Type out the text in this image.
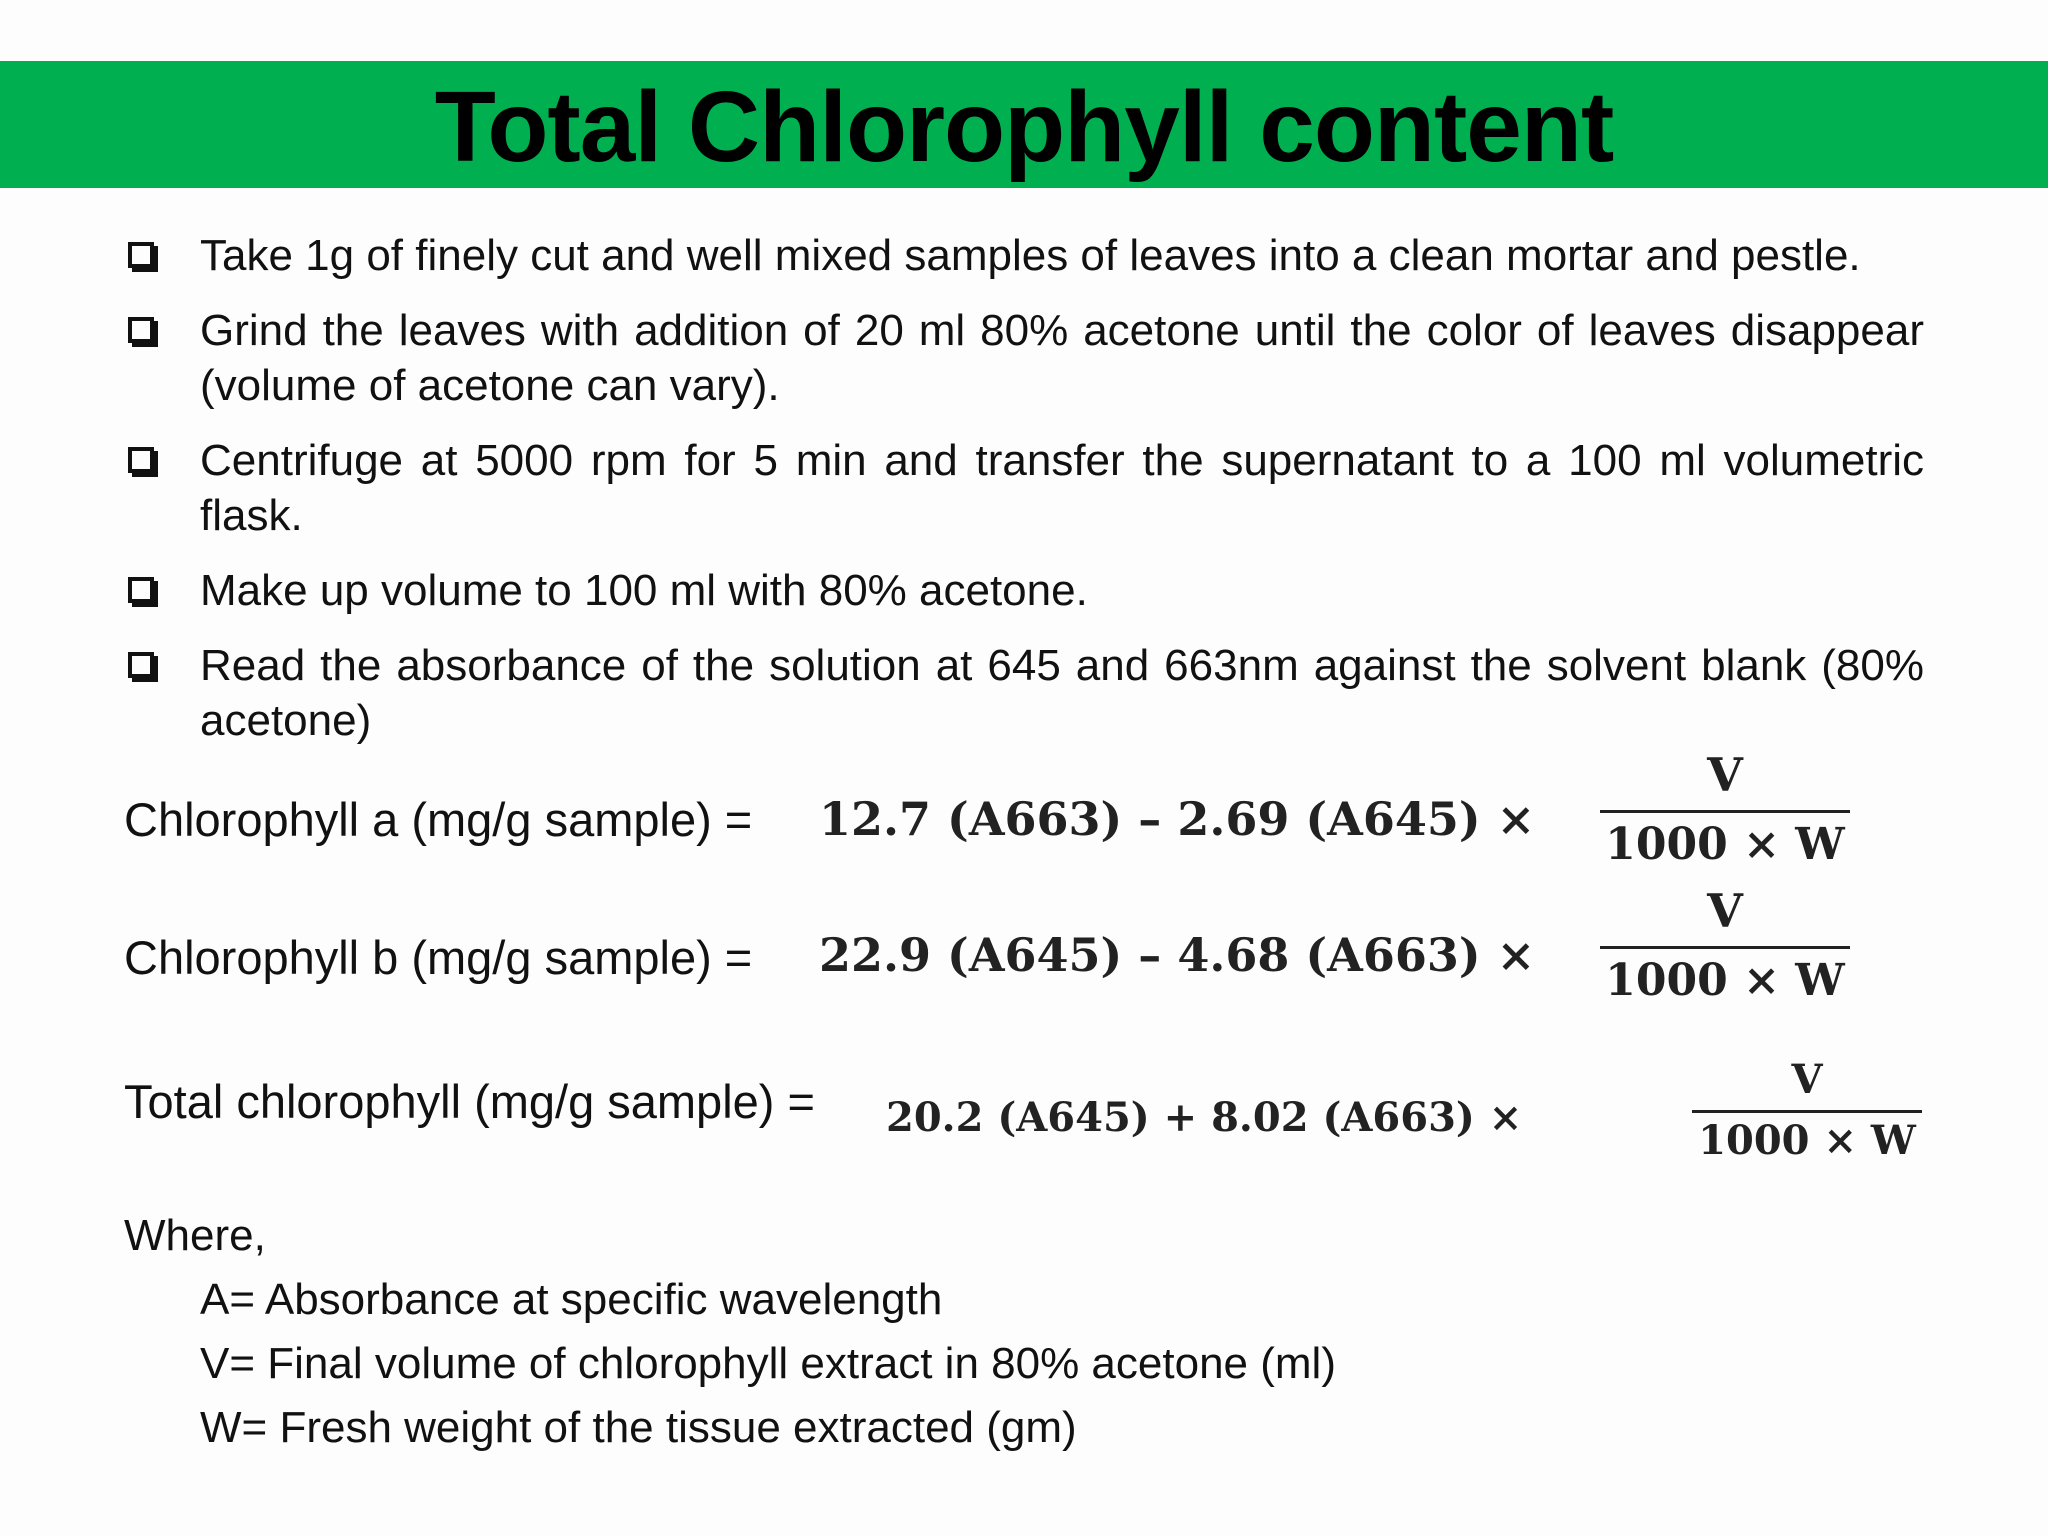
Total Chlorophyll content
Take 1g of finely cut and well mixed samples of leaves into a clean mortar and pestle.
Grind the leaves with addition of 20 ml 80% acetone until the color of leaves disappear (volume of acetone can vary).
Centrifuge at 5000 rpm for 5 min and transfer the supernatant to a 100 ml volumetric flask.
Make up volume to 100 ml with 80% acetone.
Read the absorbance of the solution at 645 and 663nm against the solvent blank (80% acetone)
Chlorophyll a (mg/g sample) = 12.7 (A663) – 2.69 (A645) ×
V
1000 × W
Chlorophyll b (mg/g sample) = 22.9 (A645) – 4.68 (A663) ×
V
1000 × W
Total chlorophyll (mg/g sample) = 20.2 (A645) + 8.02 (A663) ×
V
1000 × W
Where,
A= Absorbance at specific wavelength
V= Final volume of chlorophyll extract in 80% acetone (ml)
W= Fresh weight of the tissue extracted (gm)
